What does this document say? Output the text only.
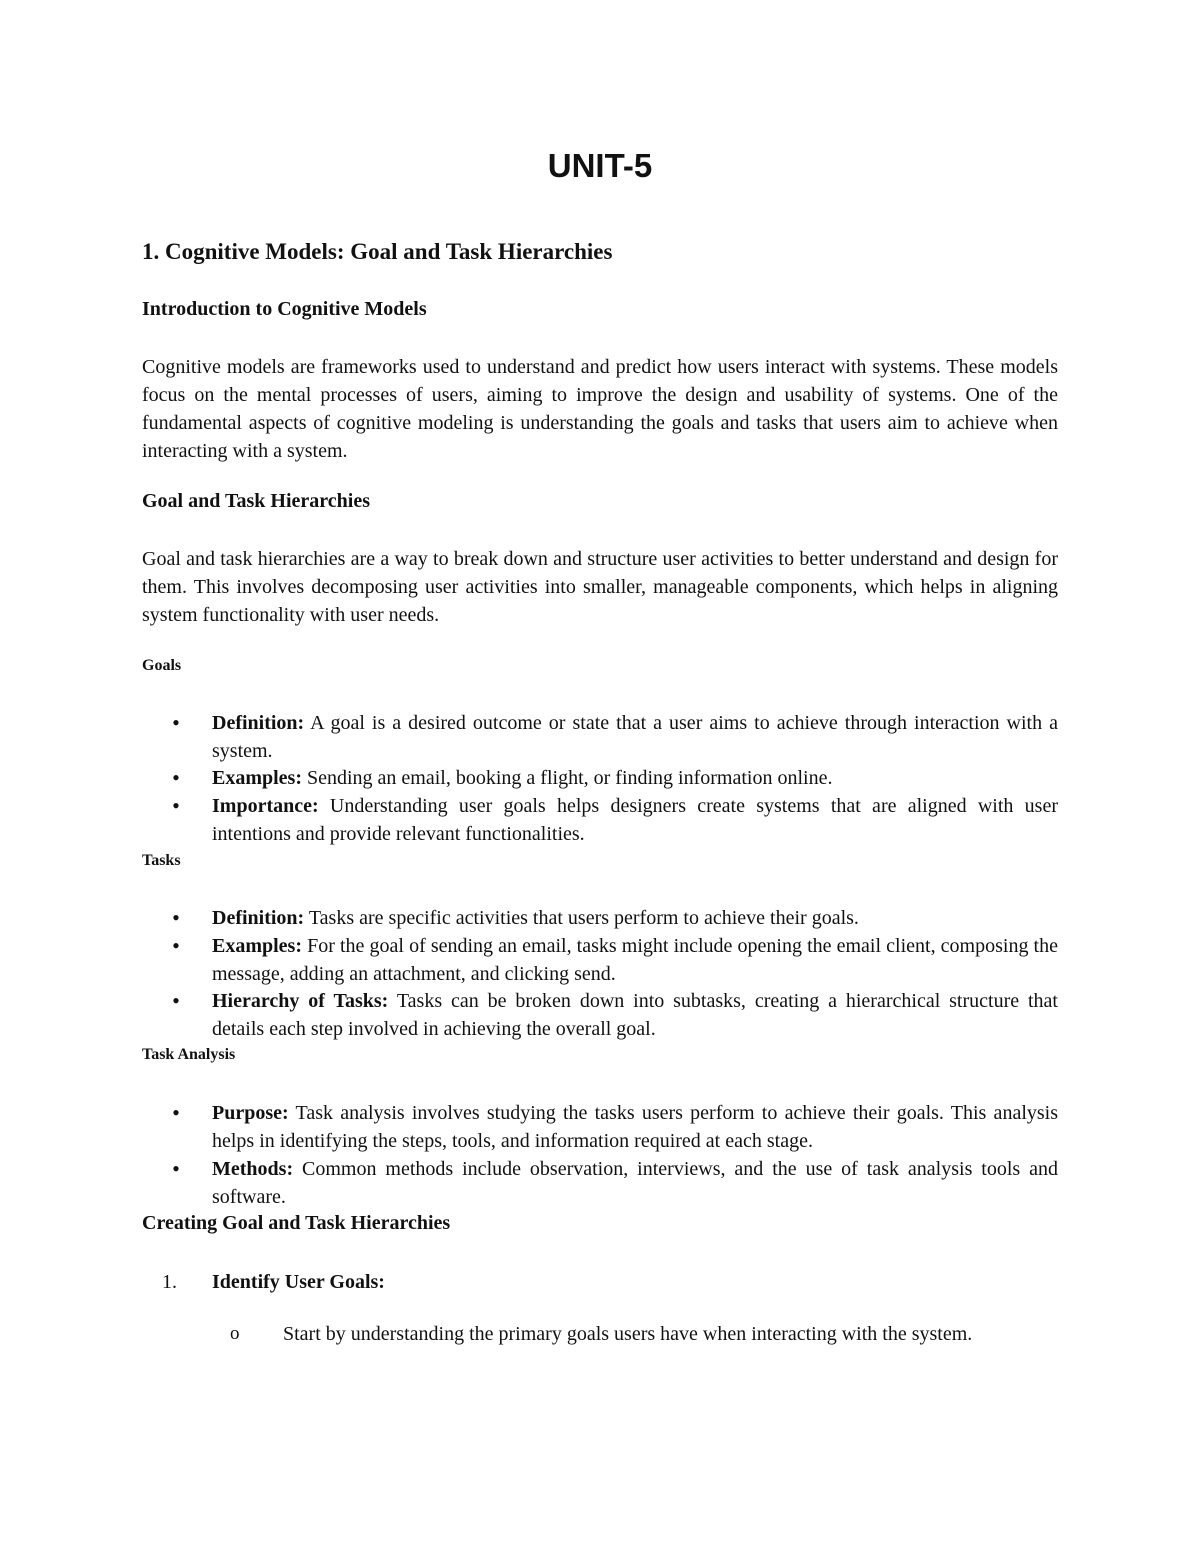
UNIT-5
1. Cognitive Models: Goal and Task Hierarchies
Introduction to Cognitive Models

Cognitive models are frameworks used to understand and predict how users interact with systems. These models focus on the mental processes of users, aiming to improve the design and usability of systems. One of the fundamental aspects of cognitive modeling is understanding the goals and tasks that users aim to achieve when interacting with a system.

Goal and Task Hierarchies

Goal and task hierarchies are a way to break down and structure user activities to better understand and design for them. This involves decomposing user activities into smaller, manageable components, which helps in aligning system functionality with user needs.

Goals
•	Definition: A goal is a desired outcome or state that a user aims to achieve through interaction with a system.

•	Examples: Sending an email, booking a flight, or finding information online.

•	Importance: Understanding user goals helps designers create systems that are aligned with user intentions and provide relevant functionalities.

Tasks
•	Definition: Tasks are specific activities that users perform to achieve their goals.

•	Examples: For the goal of sending an email, tasks might include opening the email client, composing the message, adding an attachment, and clicking send.

•	Hierarchy of Tasks: Tasks can be broken down into subtasks, creating a hierarchical structure that details each step involved in achieving the overall goal.

Task Analysis
•	Purpose: Task analysis involves studying the tasks users perform to achieve their goals. This analysis helps in identifying the steps, tools, and information required at each stage.

•	Methods: Common methods include observation, interviews, and the use of task analysis tools and software.

Creating Goal and Task Hierarchies
1. Identify User Goals:
o Start by understanding the primary goals users have when interacting with the system.
